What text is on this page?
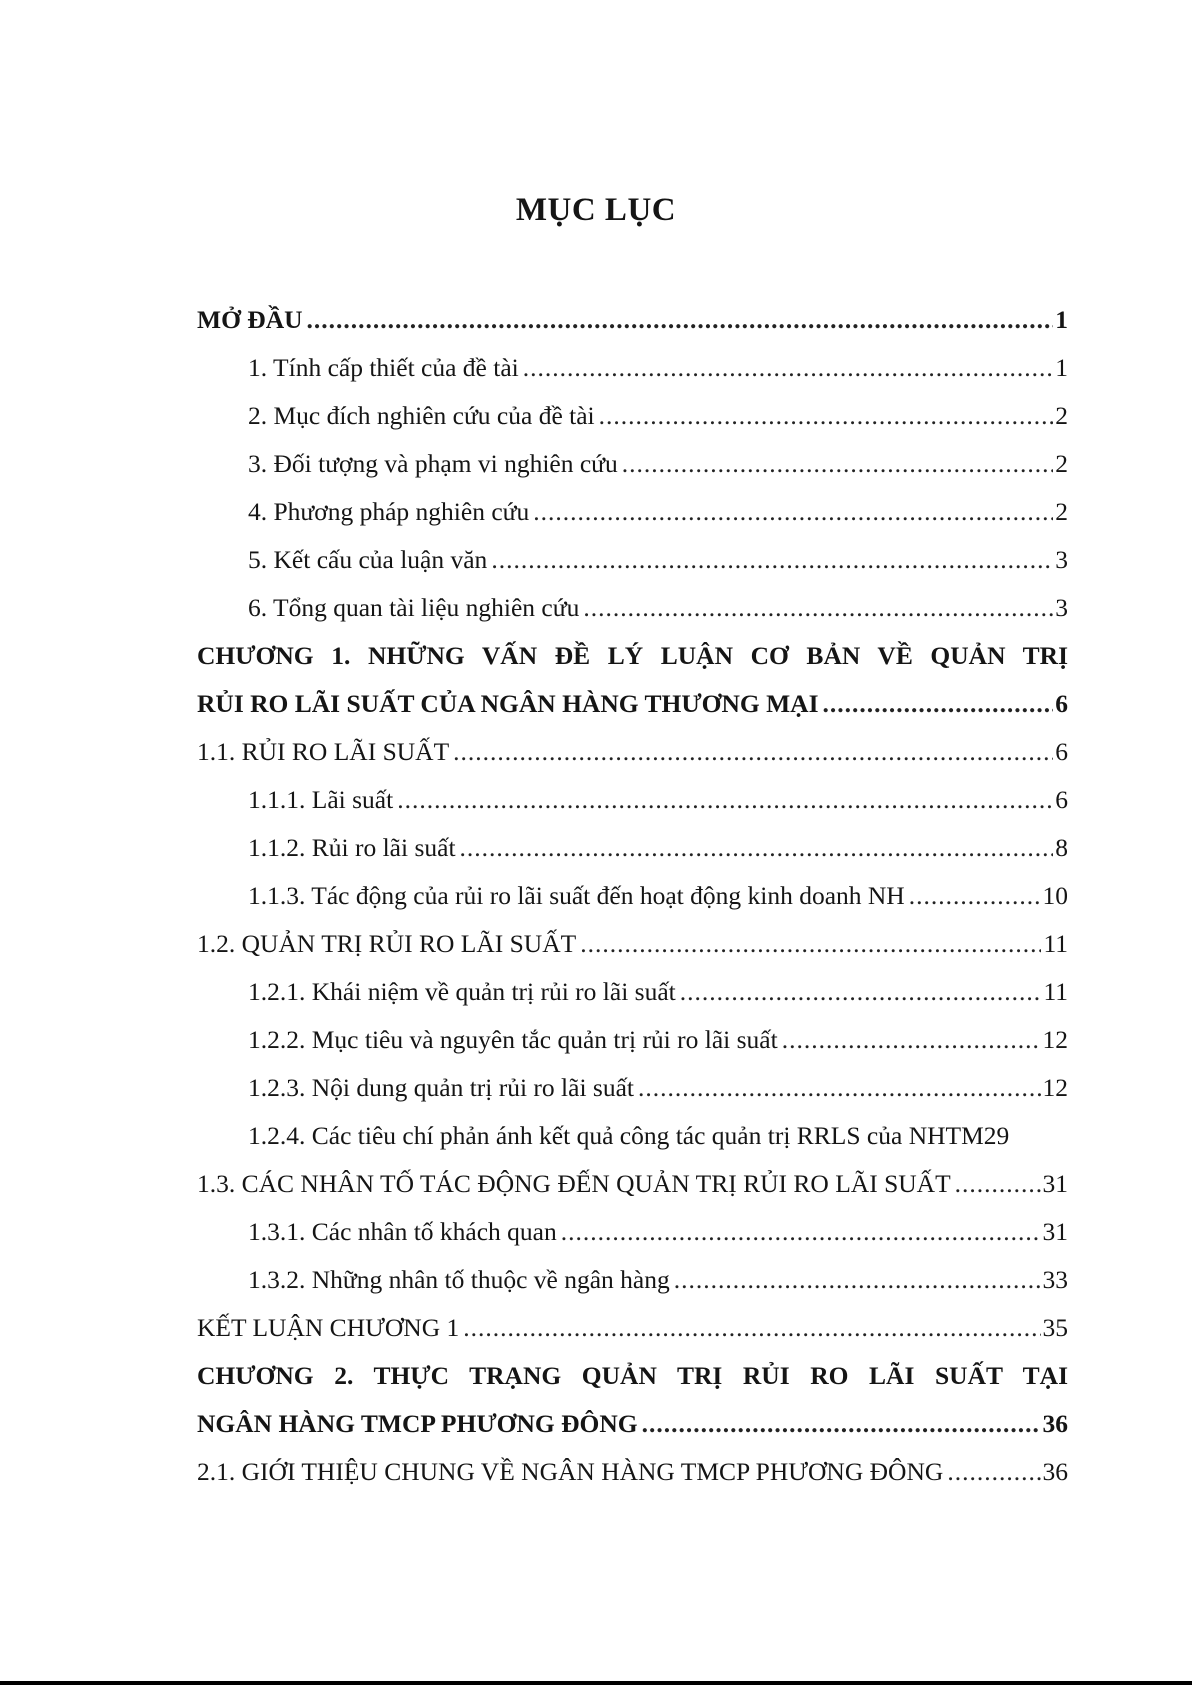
MỤC LỤC
MỞ ĐẦU .....	1
1. Tính cấp thiết của đề tài .....	1
2. Mục đích nghiên cứu của đề tài .....	2
3. Đối tượng và phạm vi nghiên cứu .....	2
4. Phương pháp nghiên cứu .....	2
5. Kết cấu của luận văn .....	3
6. Tổng quan tài liệu nghiên cứu .....	3
CHƯƠNG 1. NHỮNG VẤN ĐỀ LÝ LUẬN CƠ BẢN VỀ QUẢN TRỊ
RỦI RO LÃI SUẤT CỦA NGÂN HÀNG THƯƠNG MẠI .....	6
1.1. RỦI RO LÃI SUẤT .....	6
1.1.1. Lãi suất .....	6
1.1.2. Rủi ro lãi suất .....	8
1.1.3. Tác động của rủi ro lãi suất đến hoạt động kinh doanh NH .....	10
1.2. QUẢN TRỊ RỦI RO LÃI SUẤT .....	11
1.2.1. Khái niệm về quản trị rủi ro lãi suất .....	11
1.2.2. Mục tiêu và nguyên tắc quản trị rủi ro lãi suất .....	12
1.2.3. Nội dung quản trị rủi ro lãi suất .....	12
1.2.4. Các tiêu chí phản ánh kết quả công tác quản trị RRLS của NHTM 29
1.3. CÁC NHÂN TỐ TÁC ĐỘNG ĐẾN QUẢN TRỊ RỦI RO LÃI SUẤT .....	31
1.3.1. Các nhân tố khách quan .....	31
1.3.2. Những nhân tố thuộc về ngân hàng .....	33
KẾT LUẬN CHƯƠNG 1 .....	35
CHƯƠNG 2. THỰC TRẠNG QUẢN TRỊ RỦI RO LÃI SUẤT TẠI
NGÂN HÀNG TMCP PHƯƠNG ĐÔNG .....	36
2.1. GIỚI THIỆU CHUNG VỀ NGÂN HÀNG TMCP PHƯƠNG ĐÔNG .....	36
